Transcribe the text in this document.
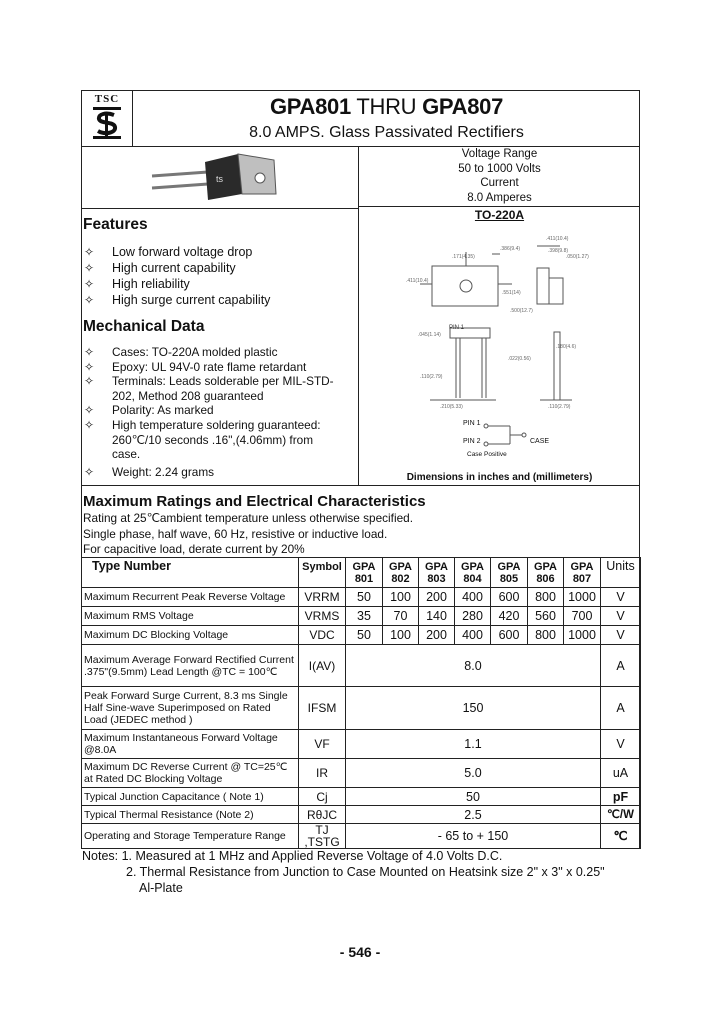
TSC	GPA801 THRU GPA807
8.0 AMPS. Glass Passivated Rectifiers
ts
Voltage Range
50 to 1000 Volts
Current
8.0 Amperes
TO-220A
.411(10.4)
.398(9.8)
.171(4.35)
.386(9.4)
.411(10.4)
.050(1.27)
.551(14)
.500(12.7)
.045(1.14)
.180(4.6)
.110(2.79)
.022(0.56)
.210(5.33)	.110(2.79)
PIN 1
PIN 1
PIN 2	CASE
Case Positive
Dimensions in inches and (millimeters)
Features
✧ Low forward voltage drop
✧ High current capability
✧ High reliability
✧ High surge current capability
Mechanical Data
✧ Cases: TO-220A molded plastic
✧ Epoxy: UL 94V-0 rate flame retardant
✧ Terminals: Leads solderable per MIL-STD-202, Method 208 guaranteed
✧ Polarity: As marked
✧ High temperature soldering guaranteed: 260℃/10 seconds .16",(4.06mm) from case.
✧ Weight: 2.24 grams
Maximum Ratings and Electrical Characteristics
Rating at 25℃ambient temperature unless otherwise specified.
Single phase, half wave, 60 Hz, resistive or inductive load.
For capacitive load, derate current by 20%
Type Number	Symbol	GPA 801	GPA 802	GPA 803	GPA 804	GPA 805	GPA 806	GPA 807	Units
Maximum Recurrent Peak Reverse Voltage	VRRM	50	100	200	400	600	800	1000	V
Maximum RMS Voltage	VRMS	35	70	140	280	420	560	700	V
Maximum DC Blocking Voltage	VDC	50	100	200	400	600	800	1000	V
Maximum Average Forward Rectified Current .375"(9.5mm) Lead Length @TC = 100℃	I(AV)	8.0							A
Peak Forward Surge Current, 8.3 ms Single Half Sine-wave Superimposed on Rated Load (JEDEC method )	IFSM	150							A
Maximum Instantaneous Forward Voltage @8.0A	VF	1.1							V
Maximum DC Reverse Current @ TC=25℃ at Rated DC Blocking Voltage	IR	5.0							uA
Typical Junction Capacitance ( Note 1)	Cj	50							pF
Typical Thermal Resistance (Note 2)	RθJC	2.5							℃/W
Operating and Storage Temperature Range	TJ ,TSTG	- 65 to + 150							℃
Notes: 1. Measured at 1 MHz and Applied Reverse Voltage of 4.0 Volts D.C.
2. Thermal Resistance from Junction to Case Mounted on Heatsink size 2" x 3" x 0.25"
Al-Plate
- 546 -
